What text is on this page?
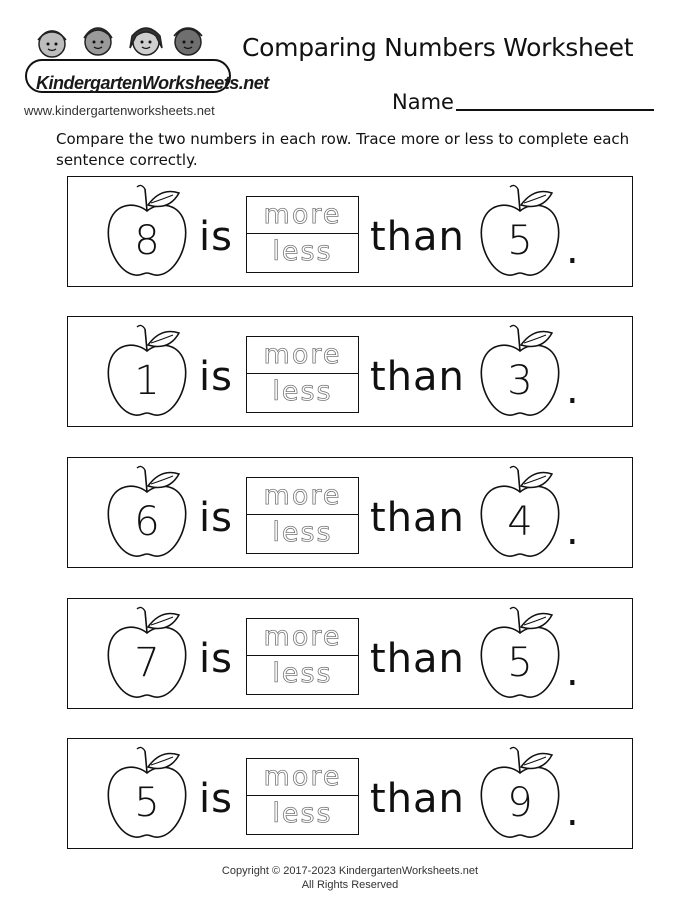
KindergartenWorksheets.net
www.kindergartenworksheets.net
Comparing Numbers Worksheet
Name
Compare the two numbers in each row. Trace more or less to complete each sentence correctly.
8 is	more
less than	5 .
1 is	more
less than	3 .
6 is	more
less than	4 .
7 is	more
less than	5 .
5 is	more
less than	9 .
Copyright © 2017-2023 KindergartenWorksheets.net
All Rights Reserved
